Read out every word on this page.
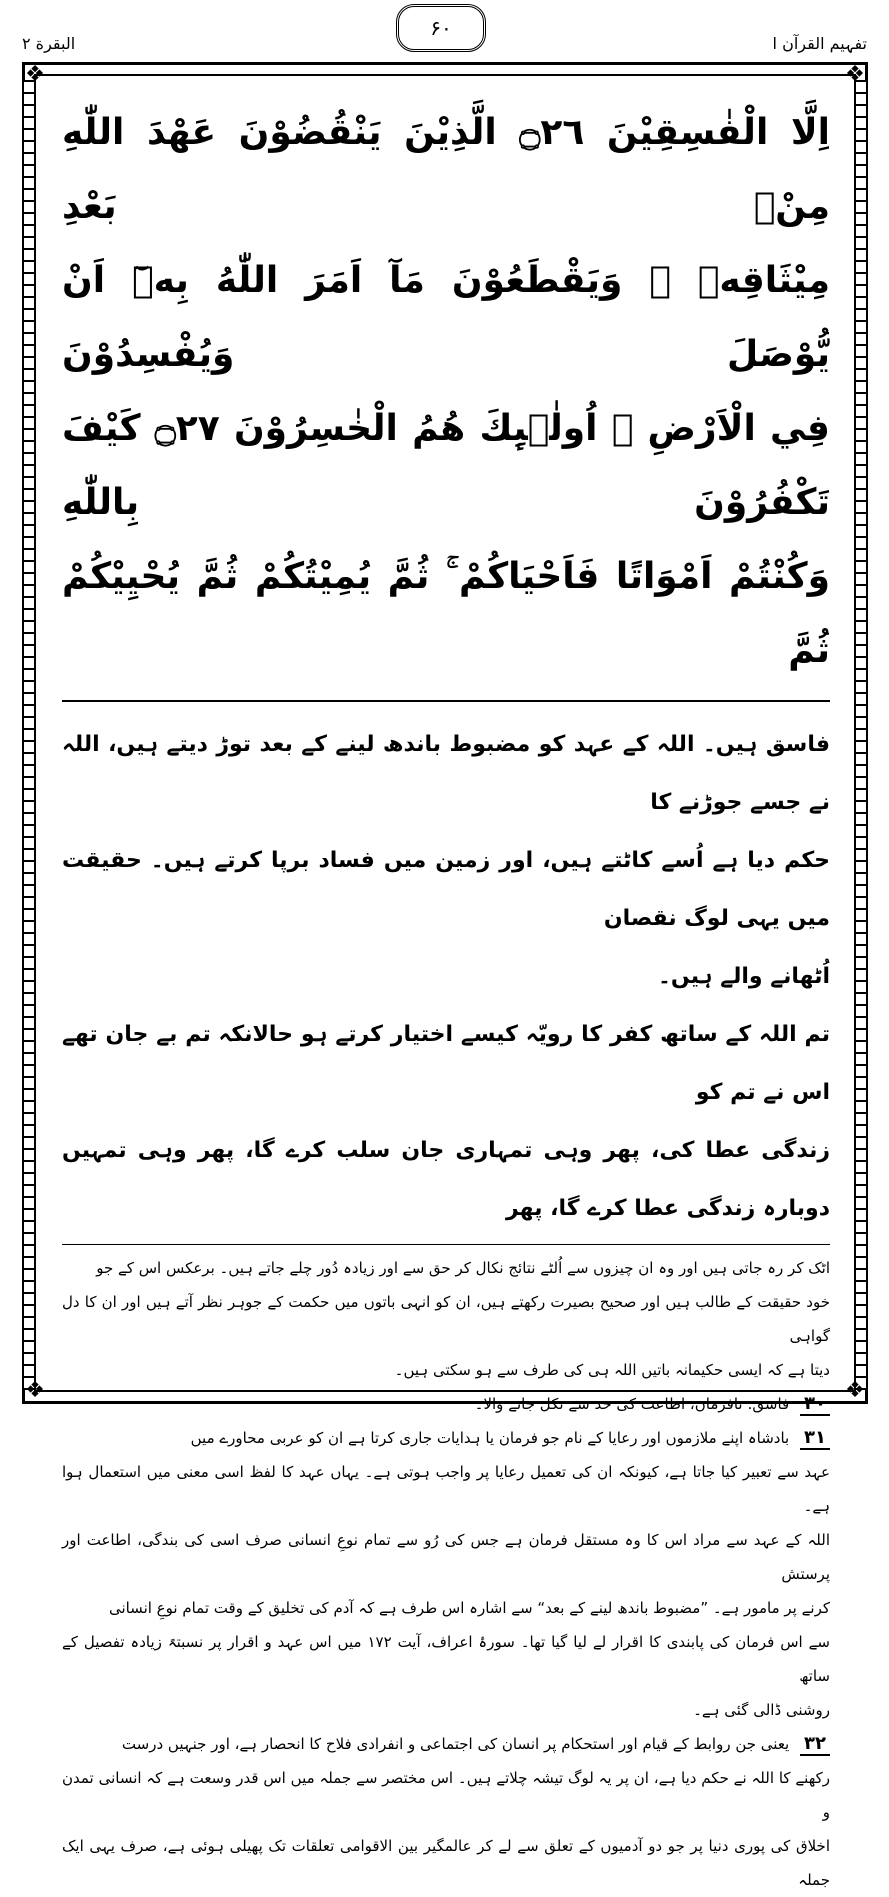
البقرة ۲
۶۰
تفہیم القرآن ا
❖	❖
❖	❖
اِلَّا الْفٰسِقِيْنَ ۝٢٦ الَّذِيْنَ يَنْقُضُوْنَ عَهْدَ اللّٰهِ مِنْۢ بَعْدِ
مِيْثَاقِهٖ ۠ وَيَقْطَعُوْنَ مَآ اَمَرَ اللّٰهُ بِهٖٓ اَنْ يُّوْصَلَ وَيُفْسِدُوْنَ
فِي الْاَرْضِ ۭ اُولٰۗىِٕكَ ھُمُ الْخٰسِرُوْنَ ۝٢٧ كَيْفَ تَكْفُرُوْنَ بِاللّٰهِ
وَكُنْتُمْ اَمْوَاتًا فَاَحْيَاكُمْ ۚ ثُمَّ يُمِيْتُكُمْ ثُمَّ يُحْيِيْكُمْ ثُمَّ

فاسق ہیں۔ اللہ کے عہد کو مضبوط باندھ لینے کے بعد توڑ دیتے ہیں، اللہ نے جسے جوڑنے کا

حکم دیا ہے اُسے کاٹتے ہیں، اور زمین میں فساد برپا کرتے ہیں۔ حقیقت میں یہی لوگ نقصان

اُٹھانے والے ہیں۔

تم اللہ کے ساتھ کفر کا رویّہ کیسے اختیار کرتے ہو حالانکہ تم بے جان تھے اس نے تم کو

زندگی عطا کی، پھر وہی تمہاری جان سلب کرے گا، پھر وہی تمہیں دوبارہ زندگی عطا کرے گا، پھر

اٹک کر رہ جاتی ہیں اور وہ ان چیزوں سے اُلٹے نتائج نکال کر حق سے اور زیادہ دُور چلے جاتے ہیں۔ برعکس اس کے جو

خود حقیقت کے طالب ہیں اور صحیح بصیرت رکھتے ہیں، ان کو انہی باتوں میں حکمت کے جوہر نظر آتے ہیں اور ان کا دل گواہی

دیتا ہے کہ ایسی حکیمانہ باتیں اللہ ہی کی طرف سے ہو سکتی ہیں۔

۳۰ فاسق: نافرمان، اطاعت کی حد سے نکل جانے والا۔

۳۱ بادشاہ اپنے ملازموں اور رعایا کے نام جو فرمان یا ہدایات جاری کرتا ہے ان کو عربی محاورے میں

عہد سے تعبیر کیا جاتا ہے، کیونکہ ان کی تعمیل رعایا پر واجب ہوتی ہے۔ یہاں عہد کا لفظ اسی معنی میں استعمال ہوا ہے۔

اللہ کے عہد سے مراد اس کا وہ مستقل فرمان ہے جس کی رُو سے تمام نوعِ انسانی صرف اسی کی بندگی، اطاعت اور پرستش

کرنے پر مامور ہے۔ ”مضبوط باندھ لینے کے بعد“ سے اشارہ اس طرف ہے کہ آدم کی تخلیق کے وقت تمام نوعِ انسانی

سے اس فرمان کی پابندی کا اقرار لے لیا گیا تھا۔ سورۂ اعراف، آیت ۱۷۲ میں اس عہد و اقرار پر نسبتہً زیادہ تفصیل کے ساتھ

روشنی ڈالی گئی ہے۔

۳۲ یعنی جن روابط کے قیام اور استحکام پر انسان کی اجتماعی و انفرادی فلاح کا انحصار ہے، اور جنہیں درست

رکھنے کا اللہ نے حکم دیا ہے، ان پر یہ لوگ تیشہ چلاتے ہیں۔ اس مختصر سے جملہ میں اس قدر وسعت ہے کہ انسانی تمدن و

اخلاق کی پوری دنیا پر جو دو آدمیوں کے تعلق سے لے کر عالمگیر بین الاقوامی تعلقات تک پھیلی ہوئی ہے، صرف یہی ایک جملہ
